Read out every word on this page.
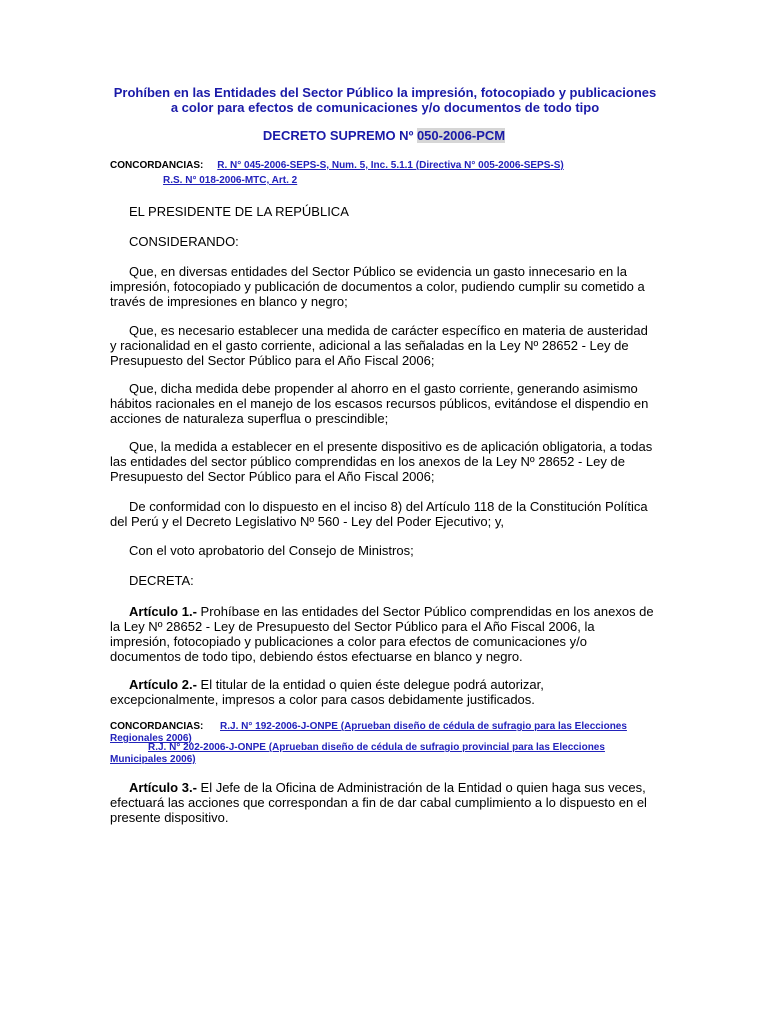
Prohíben en las Entidades del Sector Público la impresión, fotocopiado y publicaciones
a color para efectos de comunicaciones y/o documentos de todo tipo
DECRETO SUPREMO Nº 050-2006-PCM
CONCORDANCIAS: R. N° 045-2006-SEPS-S, Num. 5, Inc. 5.1.1 (Directiva N° 005-2006-SEPS-S)
R.S. N° 018-2006-MTC, Art. 2
EL PRESIDENTE DE LA REPÚBLICA
CONSIDERANDO:
Que, en diversas entidades del Sector Público se evidencia un gasto innecesario en la impresión, fotocopiado y publicación de documentos a color, pudiendo cumplir su cometido a través de impresiones en blanco y negro;
Que, es necesario establecer una medida de carácter específico en materia de austeridad y racionalidad en el gasto corriente, adicional a las señaladas en la Ley Nº 28652 - Ley de Presupuesto del Sector Público para el Año Fiscal 2006;
Que, dicha medida debe propender al ahorro en el gasto corriente, generando asimismo hábitos racionales en el manejo de los escasos recursos públicos, evitándose el dispendio en acciones de naturaleza superflua o prescindible;
Que, la medida a establecer en el presente dispositivo es de aplicación obligatoria, a todas las entidades del sector público comprendidas en los anexos de la Ley Nº 28652 - Ley de Presupuesto del Sector Público para el Año Fiscal 2006;
De conformidad con lo dispuesto en el inciso 8) del Artículo 118 de la Constitución Política del Perú y el Decreto Legislativo Nº 560 - Ley del Poder Ejecutivo; y,
Con el voto aprobatorio del Consejo de Ministros;
DECRETA:
Artículo 1.- Prohíbase en las entidades del Sector Público comprendidas en los anexos de la Ley Nº 28652 - Ley de Presupuesto del Sector Público para el Año Fiscal 2006, la impresión, fotocopiado y publicaciones a color para efectos de comunicaciones y/o documentos de todo tipo, debiendo éstos efectuarse en blanco y negro.
Artículo 2.- El titular de la entidad o quien éste delegue podrá autorizar, excepcionalmente, impresos a color para casos debidamente justificados.
CONCORDANCIAS: R.J. N° 192-2006-J-ONPE (Aprueban diseño de cédula de sufragio para las Elecciones Regionales 2006)
R.J. N° 202-2006-J-ONPE (Aprueban diseño de cédula de sufragio provincial para las Elecciones Municipales 2006)
Artículo 3.- El Jefe de la Oficina de Administración de la Entidad o quien haga sus veces, efectuará las acciones que correspondan a fin de dar cabal cumplimiento a lo dispuesto en el presente dispositivo.
